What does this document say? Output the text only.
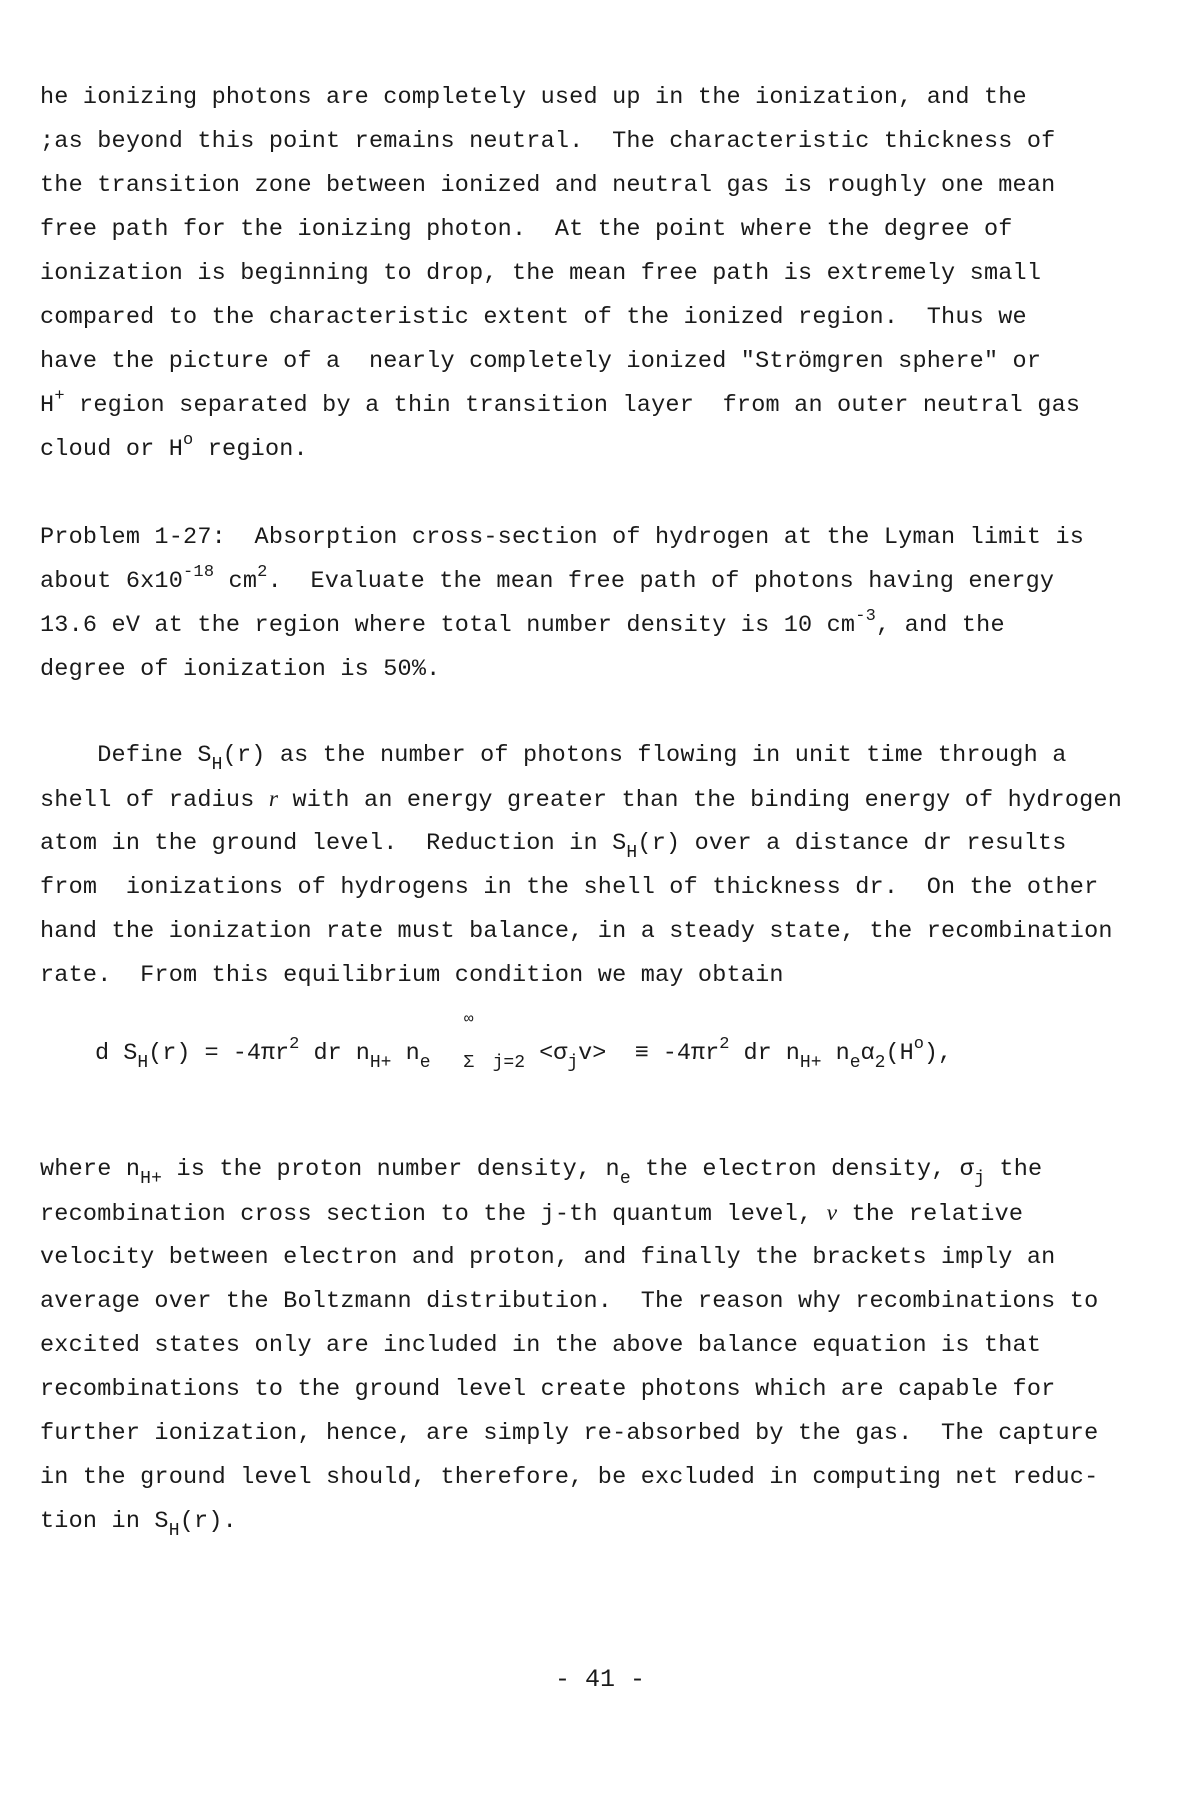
he ionizing photons are completely used up in the ionization, and the
;as beyond this point remains neutral.  The characteristic thickness of
the transition zone between ionized and neutral gas is roughly one mean
free path for the ionizing photon.  At the point where the degree of
ionization is beginning to drop, the mean free path is extremely small
compared to the characteristic extent of the ionized region.  Thus we
have the picture of a  nearly completely ionized "Strömgren sphere" or
H+ region separated by a thin transition layer  from an outer neutral gas
cloud or $H^o$ region.
Problem 1-27:  Absorption cross-section of hydrogen at the Lyman limit is
about $6x10^{-18}$ $cm^2$.  Evaluate the mean free path of photons having energy
13.6 eV at the region where total number density is 10 $cm^{-3}$, and the
degree of ionization is 50%.
Define $S_H(r)$ as the number of photons flowing in unit time through a
shell of radius r with an energy greater than the binding energy of hydrogen
atom in the ground level.  Reduction in $S_H(r)$ over a distance dr results
from  ionizations of hydrogens in the shell of thickness dr.  On the other
hand the ionization rate must balance, in a steady state, the recombination
rate.  From this equilibrium condition we may obtain
d $S_H(r) = -4\pi r^2$ dr $n_{H+}$ $n_e$
∞
$_\Sigma$ $_{j=2} <\sigma_jv> \equiv -4\pi r^2$ dr $n_{H+}$ $n_e\alpha_2(H^o)$,
where $n_{H+}$ is the proton number density, $n_e$ the electron density, $\sigma_j$ the
recombination cross section to the j-th quantum level, v the relative
velocity between electron and proton, and finally the brackets imply an
average over the Boltzmann distribution.  The reason why recombinations to
excited states only are included in the above balance equation is that
recombinations to the ground level create photons which are capable for
further ionization, hence, are simply re-absorbed by the gas.  The capture
in the ground level should, therefore, be excluded in computing net reduc-
tion in $S_H(r)$.
- 41 -
